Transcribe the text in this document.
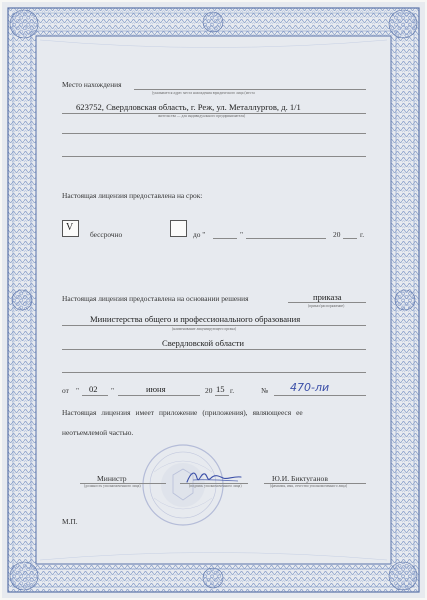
Место нахождения
(указывается адрес места нахождения юридического лица (места
623752, Свердловская область, г. Реж, ул. Металлургов, д. 1/1
жительства — для индивидуального предпринимателя)
Настоящая лицензия предоставлена на срок:
V
бессрочно	до "	"	20	г.
Настоящая лицензия предоставлена на основании решения	приказа
(приказ/распоряжение)
Министерства общего и профессионального образования
(наименование лицензирующего органа)
Свердловской области
от " 02 "	июня	20 15 г.	№ 470-ли
Настоящая лицензия имеет приложение (приложения), являющееся ее
неотъемлемой частью.
Министр
(должность уполномоченного лица)	(подпись уполномоченного лица)
Ю.И. Биктуганов
(фамилия, имя, отчество уполномоченного лица)
М.П.
